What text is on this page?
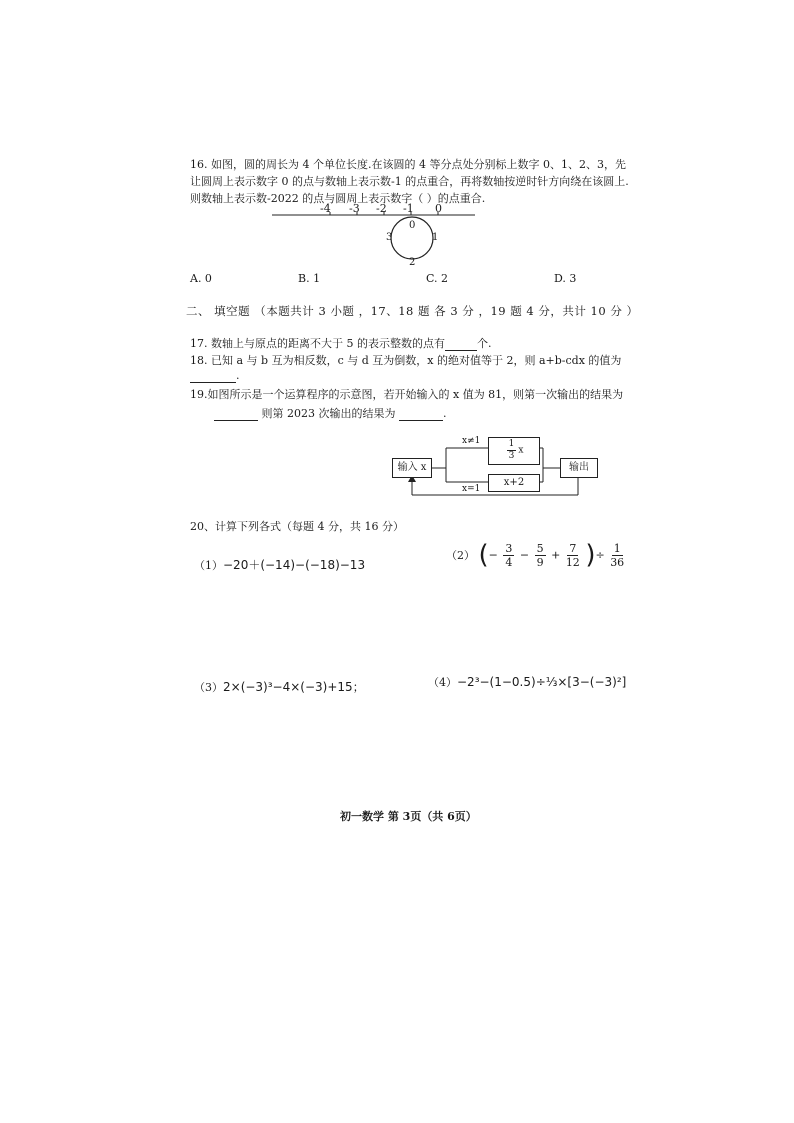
16. 如图，圆的周长为 4 个单位长度.在该圆的 4 等分点处分别标上数字 0、1、2、3，先
让圆周上表示数字 0 的点与数轴上表示数-1 的点重合，再将数轴按逆时针方向绕在该圆上.
则数轴上表示数-2022 的点与圆周上表示数字（ ）的点重合.
-4 -3 -2 -1 0
0
1
2
3
A. 0	B. 1	C. 2	D. 3
二、 填空题 （本题共计 3 小题 ，17、18 题 各 3 分 ，19 题 4 分，共计 10 分 ）
17. 数轴上与原点的距离不大于 5 的表示整数的点有	个.
18. 已知 a 与 b 互为相反数，c 与 d 互为倒数，x 的绝对值等于 2，则 a+b-cdx 的值为
.
19.如图所示是一个运算程序的示意图，若开始输入的 x 值为 81，则第一次输出的结果为
则第 2023 次输出的结果为	.
输入 x	输出
$\frac{1}{3}$ x
x+2
x≠1
x=1
20、计算下列各式（每题 4 分，共 16 分）
（1）−20＋(−14)−(−18)−13
（2） (− $\frac{3}{4} - \frac{5}{9} + \frac{7}{12}$ )÷ $\frac{1}{36}$
（3）2×(−3)³−4×(−3)+15；	（4）−2³−(1−0.5)÷⅓×[3−(−3)²]
初一数学 第 3页（共 6页）
